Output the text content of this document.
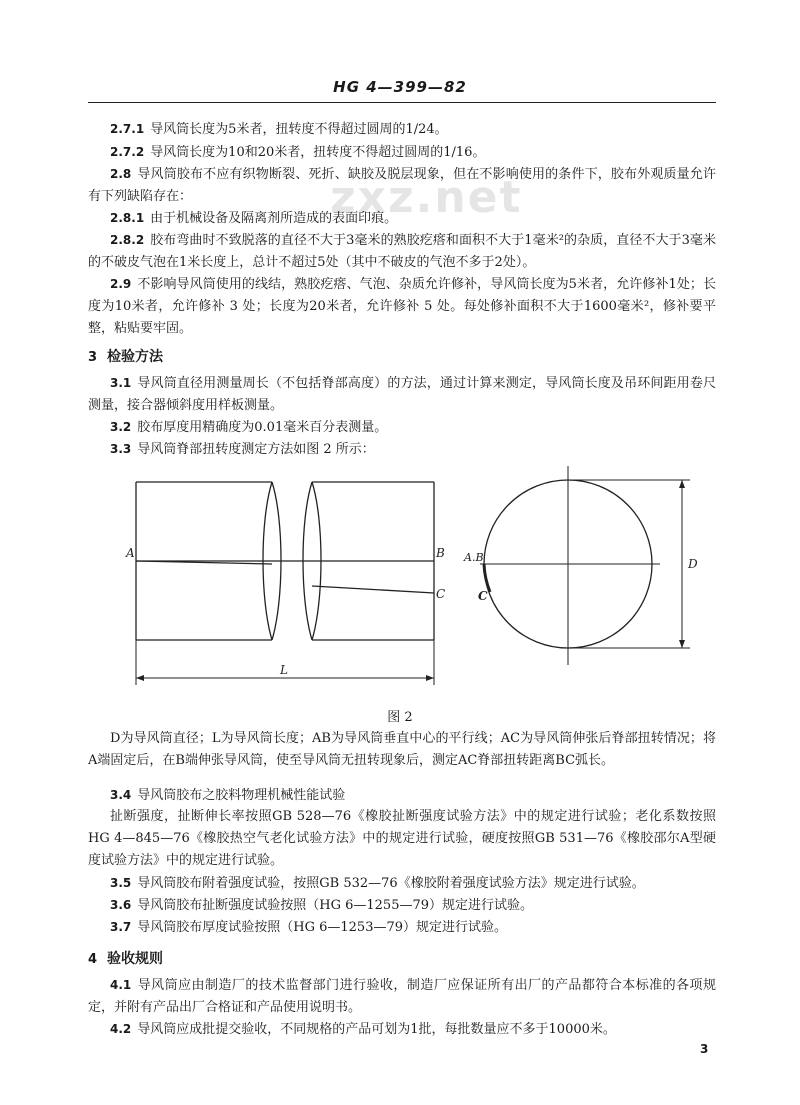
HG 4—399—82
zxz.net

2.7.1 导风筒长度为5米者，扭转度不得超过圆周的1/24。

2.7.2 导风筒长度为10和20米者，扭转度不得超过圆周的1/16。

2.8 导风筒胶布不应有织物断裂、死折、缺胶及脱层现象，但在不影响使用的条件下，胶布外观质量允许有下列缺陷存在：

2.8.1 由于机械设备及隔离剂所造成的表面印痕。

2.8.2 胶布弯曲时不致脱落的直径不大于3毫米的熟胶疙瘩和面积不大于1毫米²的杂质，直径不大于3毫米的不破皮气泡在1米长度上，总计不超过5处（其中不破皮的气泡不多于2处）。

2.9 不影响导风筒使用的线结，熟胶疙瘩、气泡、杂质允许修补，导风筒长度为5米者，允许修补1处；长度为10米者，允许修补 3 处；长度为20米者，允许修补 5 处。每处修补面积不大于1600毫米²，修补要平整，粘贴要牢固。

3 检验方法

3.1 导风筒直径用测量周长（不包括脊部高度）的方法，通过计算来测定，导风筒长度及吊环间距用卷尺测量，接合器倾斜度用样板测量。

3.2 胶布厚度用精确度为0.01毫米百分表测量。

3.3 导风筒脊部扭转度测定方法如图 2 所示：

A	B
C
L
A.B
C
D
图 2

D为导风筒直径；L为导风筒长度；AB为导风筒垂直中心的平行线；AC为导风筒伸张后脊部扭转情况；将A端固定后，在B端伸张导风筒，使至导风筒无扭转现象后，测定AC脊部扭转距离BC弧长。

3.4 导风筒胶布之胶料物理机械性能试验

扯断强度，扯断伸长率按照GB 528—76《橡胶扯断强度试验方法》中的规定进行试验；老化系数按照HG 4—845—76《橡胶热空气老化试验方法》中的规定进行试验，硬度按照GB 531—76《橡胶邵尔A型硬度试验方法》中的规定进行试验。

3.5 导风筒胶布附着强度试验，按照GB 532—76《橡胶附着强度试验方法》规定进行试验。

3.6 导风筒胶布扯断强度试验按照（HG 6—1255—79）规定进行试验。

3.7 导风筒胶布厚度试验按照（HG 6—1253—79）规定进行试验。

4 验收规则

4.1 导风筒应由制造厂的技术监督部门进行验收，制造厂应保证所有出厂的产品都符合本标准的各项规定，并附有产品出厂合格证和产品使用说明书。

4.2 导风筒应成批提交验收，不同规格的产品可划为1批，每批数量应不多于10000米。

3
